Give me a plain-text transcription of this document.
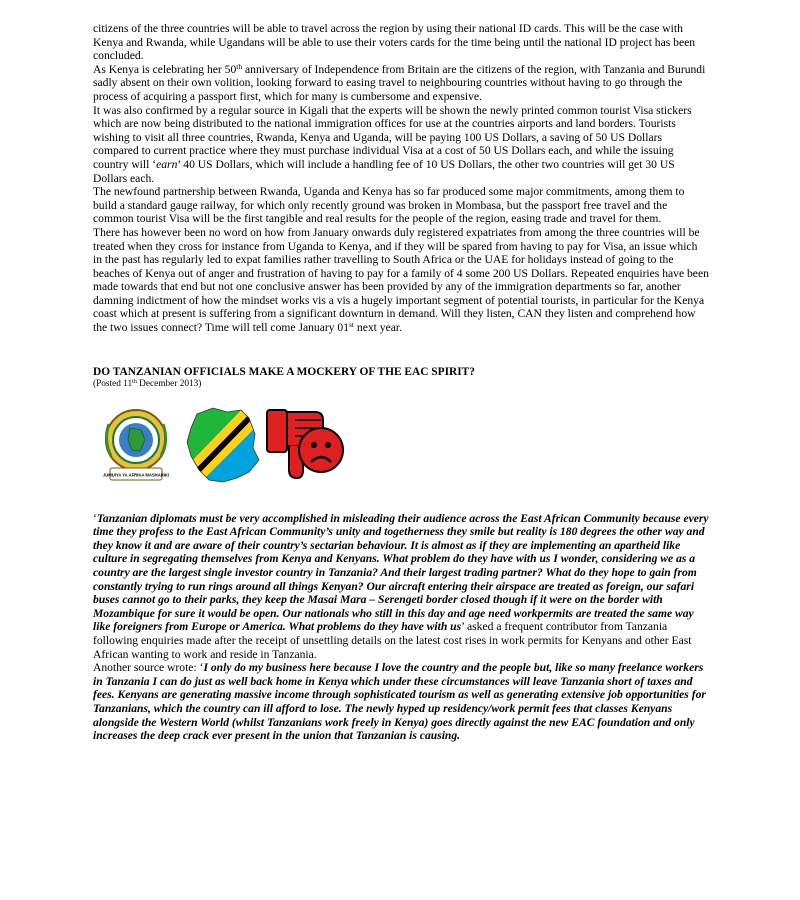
citizens of the three countries will be able to travel across the region by using their national ID cards. This will be the case with Kenya and Rwanda, while Ugandans will be able to use their voters cards for the time being until the national ID project has been concluded.

As Kenya is celebrating her 50th anniversary of Independence from Britain are the citizens of the region, with Tanzania and Burundi sadly absent on their own volition, looking forward to easing travel to neighbouring countries without having to go through the process of acquiring a passport first, which for many is cumbersome and expensive.

It was also confirmed by a regular source in Kigali that the experts will be shown the newly printed common tourist Visa stickers which are now being distributed to the national immigration offices for use at the countries airports and land borders. Tourists wishing to visit all three countries, Rwanda, Kenya and Uganda, will be paying 100 US Dollars, a saving of 50 US Dollars compared to current practice where they must purchase individual Visa at a cost of 50 US Dollars each, and while the issuing country will ‘earn’ 40 US Dollars, which will include a handling fee of 10 US Dollars, the other two countries will get 30 US Dollars each.

The newfound partnership between Rwanda, Uganda and Kenya has so far produced some major commitments, among them to build a standard gauge railway, for which only recently ground was broken in Mombasa, but the passport free travel and the common tourist Visa will be the first tangible and real results for the people of the region, easing trade and travel for them.

There has however been no word on how from January onwards duly registered expatriates from among the three countries will be treated when they cross for instance from Uganda to Kenya, and if they will be spared from having to pay for Visa, an issue which in the past has regularly led to expat families rather travelling to South Africa or the UAE for holidays instead of going to the beaches of Kenya out of anger and frustration of having to pay for a family of 4 some 200 US Dollars. Repeated enquiries have been made towards that end but not one conclusive answer has been provided by any of the immigration departments so far, another damning indictment of how the mindset works vis a vis a hugely important segment of potential tourists, in particular for the Kenya coast which at present is suffering from a significant downturn in demand. Will they listen, CAN they listen and comprehend how the two issues connect? Time will tell come January 01st next year.

DO TANZANIAN OFFICIALS MAKE A MOCKERY OF THE EAC SPIRIT?

(Posted 11th December 2013)

JUMUIYA YA AFRIKA MASHARIKI

‘Tanzanian diplomats must be very accomplished in misleading their audience across the East African Community because every time they profess to the East African Community’s unity and togetherness they smile but reality is 180 degrees the other way and they know it and are aware of their country’s sectarian behaviour. It is almost as if they are implementing an apartheid like culture in segregating themselves from Kenya and Kenyans. What problem do they have with us I wonder, considering we as a country are the largest single investor country in Tanzania? And their largest trading partner? What do they hope to gain from constantly trying to run rings around all things Kenyan? Our aircraft entering their airspace are treated as foreign, our safari buses cannot go to their parks, they keep the Masai Mara – Serengeti border closed though if it were on the border with Mozambique for sure it would be open. Our nationals who still in this day and age need workpermits are treated the same way like foreigners from Europe or America. What problems do they have with us’ asked a frequent contributor from Tanzania following enquiries made after the receipt of unsettling details on the latest cost rises in work permits for Kenyans and other East African wanting to work and reside in Tanzania.

Another source wrote: ‘I only do my business here because I love the country and the people but, like so many freelance workers in Tanzania I can do just as well back home in Kenya which under these circumstances will leave Tanzania short of taxes and fees. Kenyans are generating massive income through sophisticated tourism as well as generating extensive job opportunities for Tanzanians, which the country can ill afford to lose. The newly hyped up residency/work permit fees that classes Kenyans alongside the Western World (whilst Tanzanians work freely in Kenya) goes directly against the new EAC foundation and only increases the deep crack ever present in the union that Tanzanian is causing.
